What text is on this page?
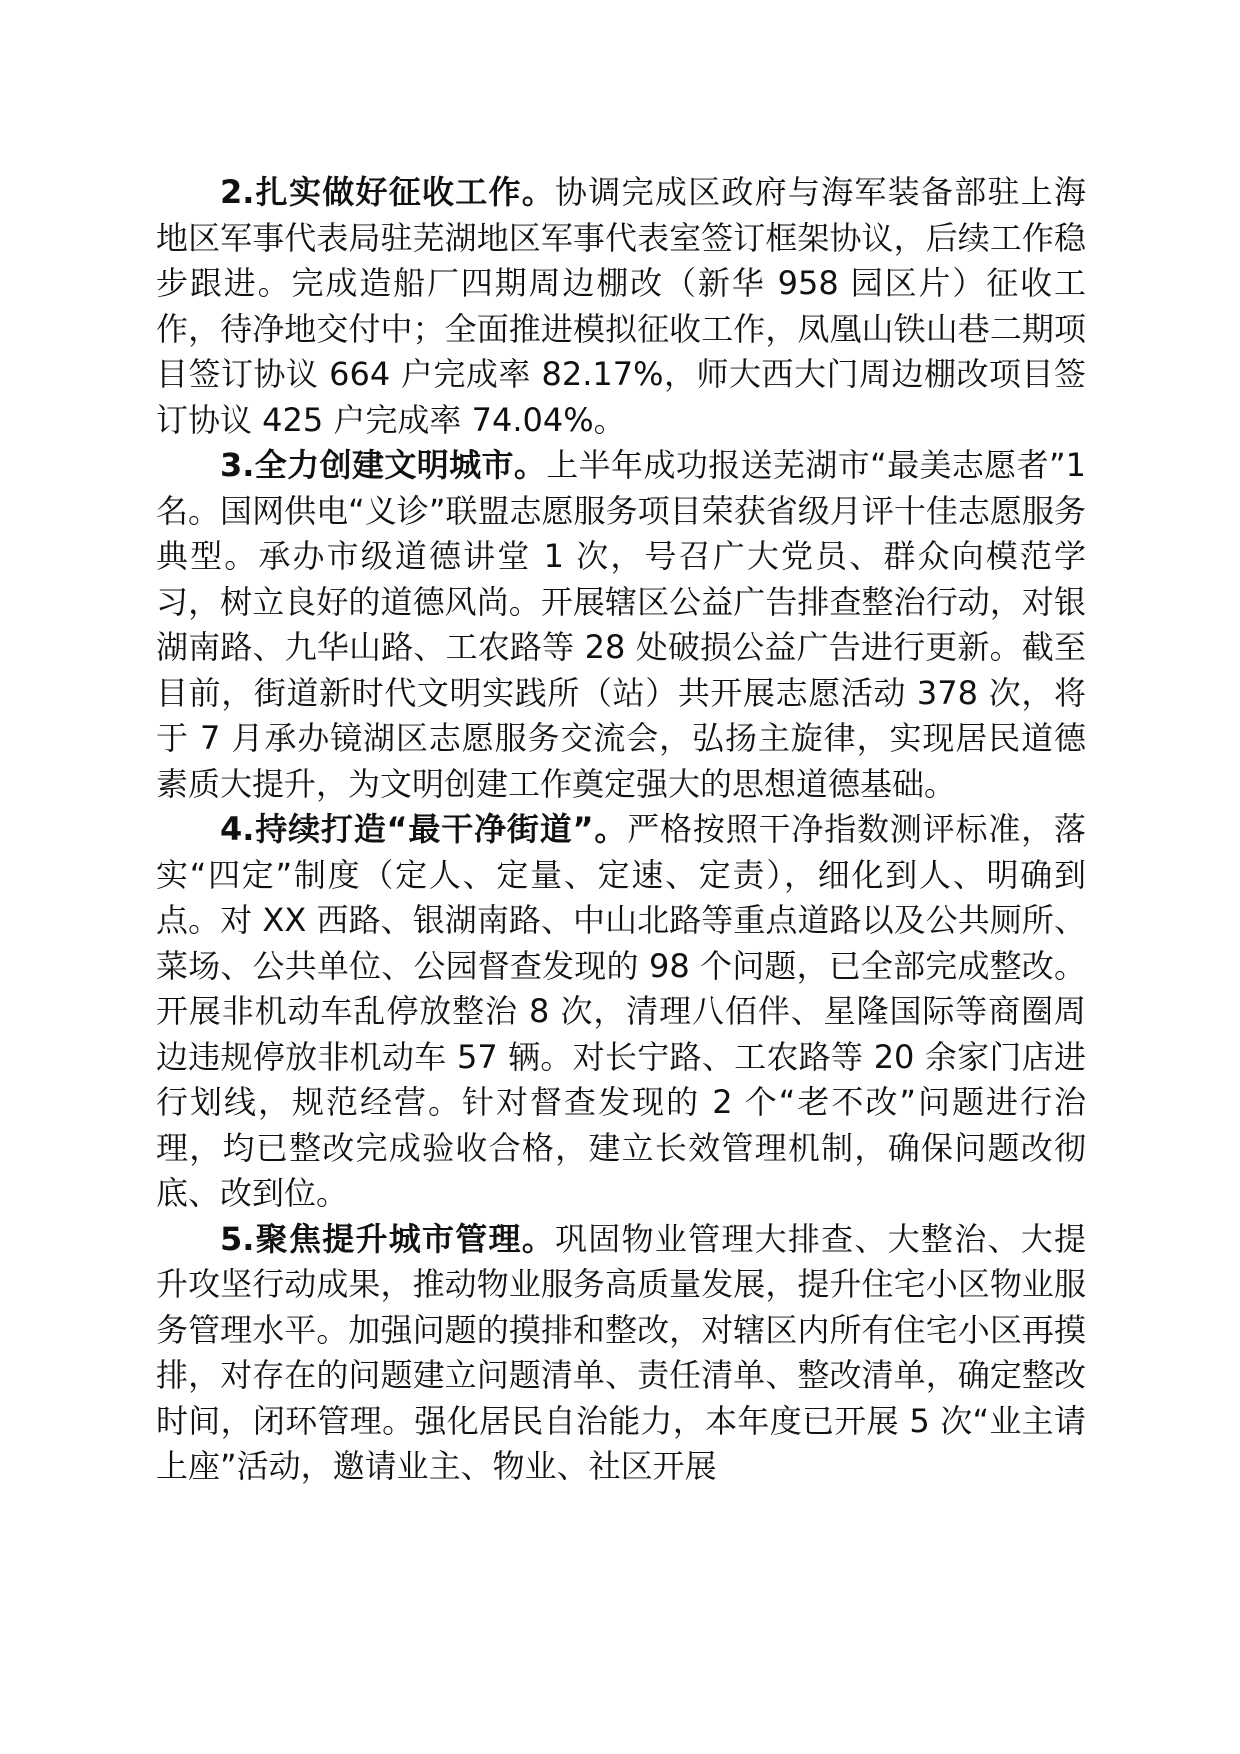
2.扎实做好征收工作。协调完成区政府与海军装备部驻上海地区军事代表局驻芜湖地区军事代表室签订框架协议，后续工作稳步跟进。完成造船厂四期周边棚改（新华 958 园区片）征收工作，待净地交付中；全面推进模拟征收工作，凤凰山铁山巷二期项目签订协议 664 户完成率 82.17%，师大西大门周边棚改项目签订协议 425 户完成率 74.04%。

3.全力创建文明城市。上半年成功报送芜湖市“最美志愿者”1 名。国网供电“义诊”联盟志愿服务项目荣获省级月评十佳志愿服务典型。承办市级道德讲堂 1 次，号召广大党员、群众向模范学习，树立良好的道德风尚。开展辖区公益广告排查整治行动，对银湖南路、九华山路、工农路等 28 处破损公益广告进行更新。截至目前，街道新时代文明实践所（站）共开展志愿活动 378 次，将于 7 月承办镜湖区志愿服务交流会，弘扬主旋律，实现居民道德素质大提升，为文明创建工作奠定强大的思想道德基础。

4.持续打造“最干净街道”。严格按照干净指数测评标准，落实“四定”制度（定人、定量、定速、定责），细化到人、明确到点。对 XX 西路、银湖南路、中山北路等重点道路以及公共厕所、菜场、公共单位、公园督查发现的 98 个问题，已全部完成整改。开展非机动车乱停放整治 8 次，清理八佰伴、星隆国际等商圈周边违规停放非机动车 57 辆。对长宁路、工农路等 20 余家门店进行划线，规范经营。针对督查发现的 2 个“老不改”问题进行治理，均已整改完成验收合格，建立长效管理机制，确保问题改彻底、改到位。

5.聚焦提升城市管理。巩固物业管理大排查、大整治、大提升攻坚行动成果，推动物业服务高质量发展，提升住宅小区物业服务管理水平。加强问题的摸排和整改，对辖区内所有住宅小区再摸排，对存在的问题建立问题清单、责任清单、整改清单，确定整改时间，闭环管理。强化居民自治能力，本年度已开展 5 次“业主请上座”活动，邀请业主、物业、社区开展
